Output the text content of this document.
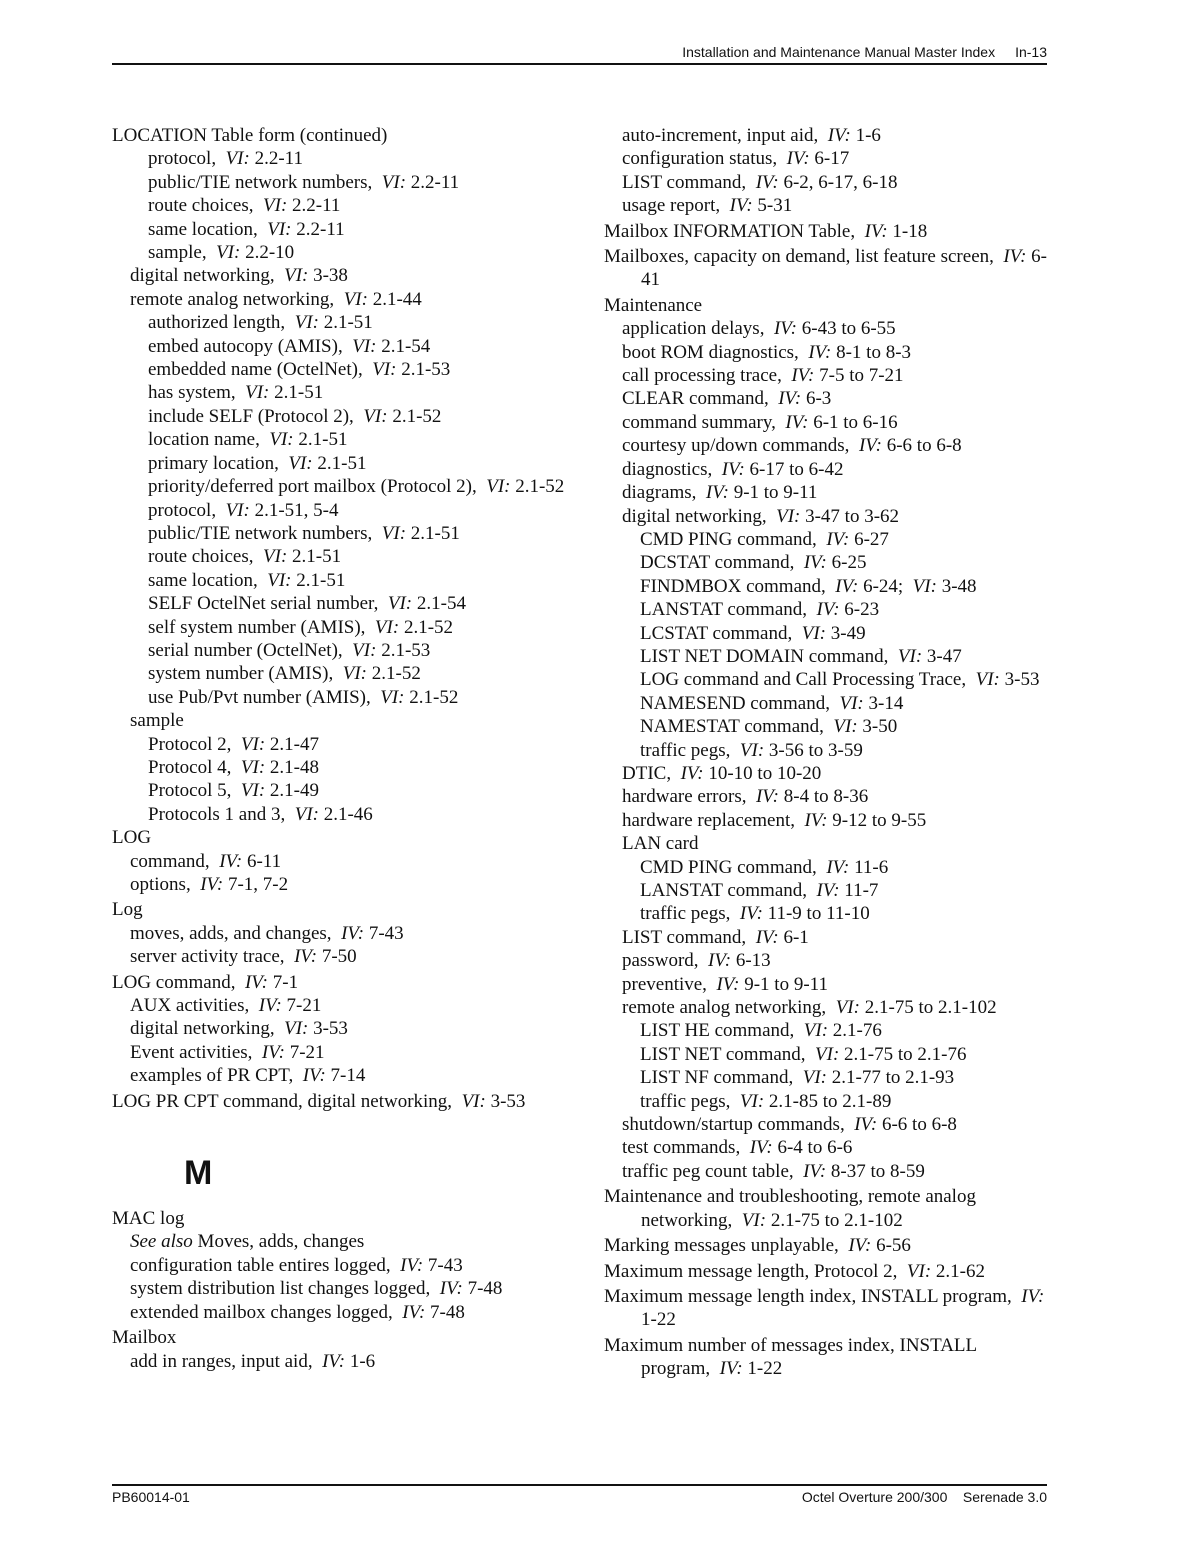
Installation and Maintenance Manual Master Index In-13
LOCATION Table form (continued)
protocol, VI: 2.2-11
public/TIE network numbers, VI: 2.2-11
route choices, VI: 2.2-11
same location, VI: 2.2-11
sample, VI: 2.2-10
digital networking, VI: 3-38
remote analog networking, VI: 2.1-44
authorized length, VI: 2.1-51
embed autocopy (AMIS), VI: 2.1-54
embedded name (OctelNet), VI: 2.1-53
has system, VI: 2.1-51
include SELF (Protocol 2), VI: 2.1-52
location name, VI: 2.1-51
primary location, VI: 2.1-51
priority/deferred port mailbox (Protocol 2), VI: 2.1-52
protocol, VI: 2.1-51, 5-4
public/TIE network numbers, VI: 2.1-51
route choices, VI: 2.1-51
same location, VI: 2.1-51
SELF OctelNet serial number, VI: 2.1-54
self system number (AMIS), VI: 2.1-52
serial number (OctelNet), VI: 2.1-53
system number (AMIS), VI: 2.1-52
use Pub/Pvt number (AMIS), VI: 2.1-52
sample
Protocol 2, VI: 2.1-47
Protocol 4, VI: 2.1-48
Protocol 5, VI: 2.1-49
Protocols 1 and 3, VI: 2.1-46
LOG
command, IV: 6-11
options, IV: 7-1, 7-2
Log
moves, adds, and changes, IV: 7-43
server activity trace, IV: 7-50
LOG command, IV: 7-1
AUX activities, IV: 7-21
digital networking, VI: 3-53
Event activities, IV: 7-21
examples of PR CPT, IV: 7-14
LOG PR CPT command, digital networking, VI: 3-53
M
MAC log
See also Moves, adds, changes
configuration table entires logged, IV: 7-43
system distribution list changes logged, IV: 7-48
extended mailbox changes logged, IV: 7-48
Mailbox
add in ranges, input aid, IV: 1-6
auto-increment, input aid, IV: 1-6
configuration status, IV: 6-17
LIST command, IV: 6-2, 6-17, 6-18
usage report, IV: 5-31
Mailbox INFORMATION Table, IV: 1-18
Mailboxes, capacity on demand, list feature screen, IV: 6-41
Maintenance
application delays, IV: 6-43 to 6-55
boot ROM diagnostics, IV: 8-1 to 8-3
call processing trace, IV: 7-5 to 7-21
CLEAR command, IV: 6-3
command summary, IV: 6-1 to 6-16
courtesy up/down commands, IV: 6-6 to 6-8
diagnostics, IV: 6-17 to 6-42
diagrams, IV: 9-1 to 9-11
digital networking, VI: 3-47 to 3-62
CMD PING command, IV: 6-27
DCSTAT command, IV: 6-25
FINDMBOX command, IV: 6-24; VI: 3-48
LANSTAT command, IV: 6-23
LCSTAT command, VI: 3-49
LIST NET DOMAIN command, VI: 3-47
LOG command and Call Processing Trace, VI: 3-53
NAMESEND command, VI: 3-14
NAMESTAT command, VI: 3-50
traffic pegs, VI: 3-56 to 3-59
DTIC, IV: 10-10 to 10-20
hardware errors, IV: 8-4 to 8-36
hardware replacement, IV: 9-12 to 9-55
LAN card
CMD PING command, IV: 11-6
LANSTAT command, IV: 11-7
traffic pegs, IV: 11-9 to 11-10
LIST command, IV: 6-1
password, IV: 6-13
preventive, IV: 9-1 to 9-11
remote analog networking, VI: 2.1-75 to 2.1-102
LIST HE command, VI: 2.1-76
LIST NET command, VI: 2.1-75 to 2.1-76
LIST NF command, VI: 2.1-77 to 2.1-93
traffic pegs, VI: 2.1-85 to 2.1-89
shutdown/startup commands, IV: 6-6 to 6-8
test commands, IV: 6-4 to 6-6
traffic peg count table, IV: 8-37 to 8-59
Maintenance and troubleshooting, remote analog networking, VI: 2.1-75 to 2.1-102
Marking messages unplayable, IV: 6-56
Maximum message length, Protocol 2, VI: 2.1-62
Maximum message length index, INSTALL program, IV: 1-22
Maximum number of messages index, INSTALL program, IV: 1-22
PB60014-01	Octel Overture 200/300 Serenade 3.0
